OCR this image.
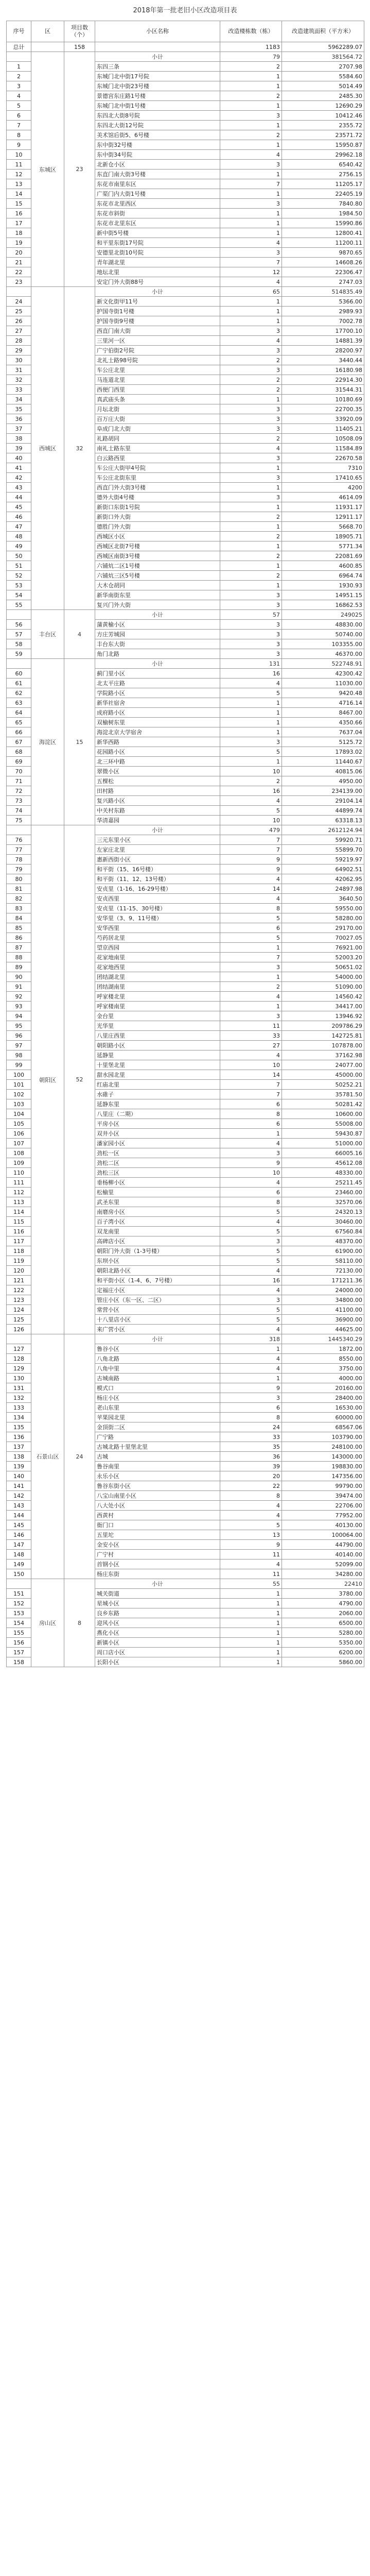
2018年第一批老旧小区改造项目表
序号	区	项目数（个）	小区名称	改造楼栋数（栋）	改造建筑面积（平方米）
总计		158		1183	5962289.07
	东城区	23	小计	79	381564.72
1			东四三条	2	2707.98
2			东城门北中街17号院	1	5584.60
3			东城门北中街23号楼	1	5014.49
4			景德宫东庄路1号楼	2	2485.30
5			东城门北中街1号楼	1	12690.29
6			东四北大街8号院	3	10412.46
7			东四北大街12号院	1	2355.72
8			美术馆后街5、6号楼	2	23571.72
9			东中街32号楼	1	15950.87
10			东中街34号院	4	29962.18
11			北新仓小区	3	6540.42
12			东直门南大街3号楼	1	2756.15
13			东花市南里东区	7	11205.17
14			广渠门内大街1号楼	1	22405.19
15			东花市北里西区	3	7840.80
16			东花市斜街	1	1984.50
17			东花市北里东区	1	15990.86
18			新中街5号楼	1	12800.41
19			和平里东街17号院	4	11200.11
20			安德里北街10号院	3	9870.65
21			青年湖北里	7	14608.26
22			地坛北里	12	22306.47
23			安定门外大街88号	4	2747.03
	西城区	32	小计	65	514835.49
24			新文化街甲11号	1	5366.00
25			护国寺街1号楼	1	2989.93
26			护国寺街9号楼	1	7002.78
27			西直门南大街	3	17700.10
28			三里河一区	4	14881.39
29			广宁伯街2号院	3	28200.97
30			北礼士路98号院	2	3440.44
31			车公庄北里	3	16180.98
32			马连道北里	2	22914.30
33			西便门西里	2	31544.31
34			真武庙头条	1	10180.69
35			月坛北街	3	22700.35
36			百万庄大街	3	33920.09
37			阜成门北大街	3	11405.21
38			礼路胡同	2	10508.09
39			南礼士路东里	4	11584.89
40			白云路西里	3	22670.58
41			车公庄大街甲4号院	1	7310
42			车公庄北街东里	3	17410.65
43			西直门外大街3号楼	1	4200
44			德外大街4号楼	3	4614.09
45			新街口东街1号院	1	11931.17
46			新街口外大街	2	12911.17
47			德胜门外大街	1	5668.70
48			西城区小区	2	18905.71
49			西城区北街7号楼	1	5771.34
50			西城区南街3号楼	2	22081.69
51			六铺炕二区1号楼	1	4600.85
52			六铺炕三区5号楼	2	6964.74
53			大木仓胡同	1	1930.93
54			新华南街东里	3	14951.15
55			复兴门外大街	3	16862.53
	丰台区	4	小计	57	249025
56			蒲黄榆小区	3	48830.00
57			方庄芳城园	3	50740.00
58			丰台东大街	3	103355.00
59			角门北路	3	46370.00
	海淀区	15	小计	131	522748.91
60			蓟门里小区	16	42300.42
61			北太平庄路	4	11030.00
62			学院路小区	5	9420.48
63			新华社宿舍	1	4716.14
64			成府路小区	1	8467.00
65			双榆树东里	1	4350.66
66			海淀北京大学宿舍	1	7637.04
67			新华西路	3	5125.72
68			花园路小区	5	17893.02
69			北三环中路	1	11440.67
70			翠微小区	10	40815.06
71			五棵松	2	4950.00
72			田村路	16	234139.00
73			复兴路小区	4	29104.14
74			中关村东路	5	44899.74
75			华清嘉园	10	63318.13
	朝阳区	52	小计	479	2612124.94
76			三元东里小区	7	59920.71
77			左家庄北里	7	55899.70
78			惠新西街小区	9	59219.97
79			和平街（15、16号楼）	9	64902.51
80			和平街（11、12、13号楼）	4	42062.95
81			安贞里（1-16、16-29号楼）	14	24897.98
82			安贞西里	4	3640.50
83			安贞里（11-15、30号楼）	8	59550.00
84			安华里（3、9、11号楼）	5	58280.00
85			安华西里	6	29170.00
86			芍药居北里	5	70027.05
87			望京西园	1	76921.00
88			花家地南里	7	52003.20
89			花家地西里	3	50651.02
90			团结湖北里	1	54000.00
91			团结湖南里	2	51090.00
92			呼家楼北里	4	14560.42
93			呼家楼南里	1	34417.00
94			金台里	3	13946.92
95			光华里	11	209786.29
96			八里庄西里	33	142725.81
97			朝阳路小区	27	107878.00
98			延静里	4	37162.98
99			十里堡北里	10	24077.00
100			甜水园北里	14	45000.00
101			红庙北里	7	50252.21
102			水碓子	7	35781.50
103			延静东里	6	50281.42
104			八里庄（二期）	8	10600.00
105			平房小区	6	55008.00
106			双井小区	1	59430.87
107			潘家园小区	4	51000.00
108			劲松一区	3	66005.16
109			劲松二区	9	45612.08
110			劲松三区	10	48330.00
111			垂杨柳小区	4	25211.45
112			松榆里	6	23460.00
113			武圣东里	8	32570.06
114			南磨房小区	5	24320.13
115			百子湾小区	4	30460.00
116			双龙南里	5	67560.84
117			高碑店小区	3	48370.00
118			朝阳门外大街（1-3号楼）	5	61900.00
119			东坝小区	5	58110.00
120			朝阳北路小区	4	72130.00
121			和平街小区（1-4、6、7号楼）	16	171211.36
122			定福庄小区	4	24000.00
123			管庄小区（东一区、二区）	3	34800.00
124			常营小区	5	41100.00
125			十八里店小区	5	36900.00
126			来广营小区	4	44625.00
	石景山区	24	小计	318	1445340.29
127			鲁谷小区	1	1872.00
128			八角北路	4	8550.00
129			八角中里	4	3750.00
130			古城南路	1	4000.00
131			模式口	9	20160.00
132			杨庄小区	3	28400.00
133			老山东里	6	16530.00
134			苹果园北里	8	60000.00
135			金顶街二区	24	68567.06
136			广宁路	33	103790.00
137			古城北路十里堡北里	35	248100.00
138			古城	36	143000.00
139			鲁谷南里	39	198830.00
140			永乐小区	20	147356.00
141			鲁谷东街小区	22	99790.00
142			八宝山南里小区	8	39474.00
143			八大处小区	4	22706.00
144			西黄村	4	77952.00
145			衙门口	5	40130.00
146			五里坨	13	100064.00
147			金安小区	9	44790.00
148			广宁村	11	40140.00
149			首钢小区	4	52099.00
150			杨庄东街	11	34280.00
	房山区	8	小计	55	22410
151			城关街道	1	3780.00
152			星城小区	1	4790.00
153			良乡东路	1	2060.00
154			迎风小区	1	6500.00
155			燕化小区	1	5280.00
156			新镇小区	1	5350.00
157			周口店小区	1	6200.00
158			长阳小区	1	5860.00
